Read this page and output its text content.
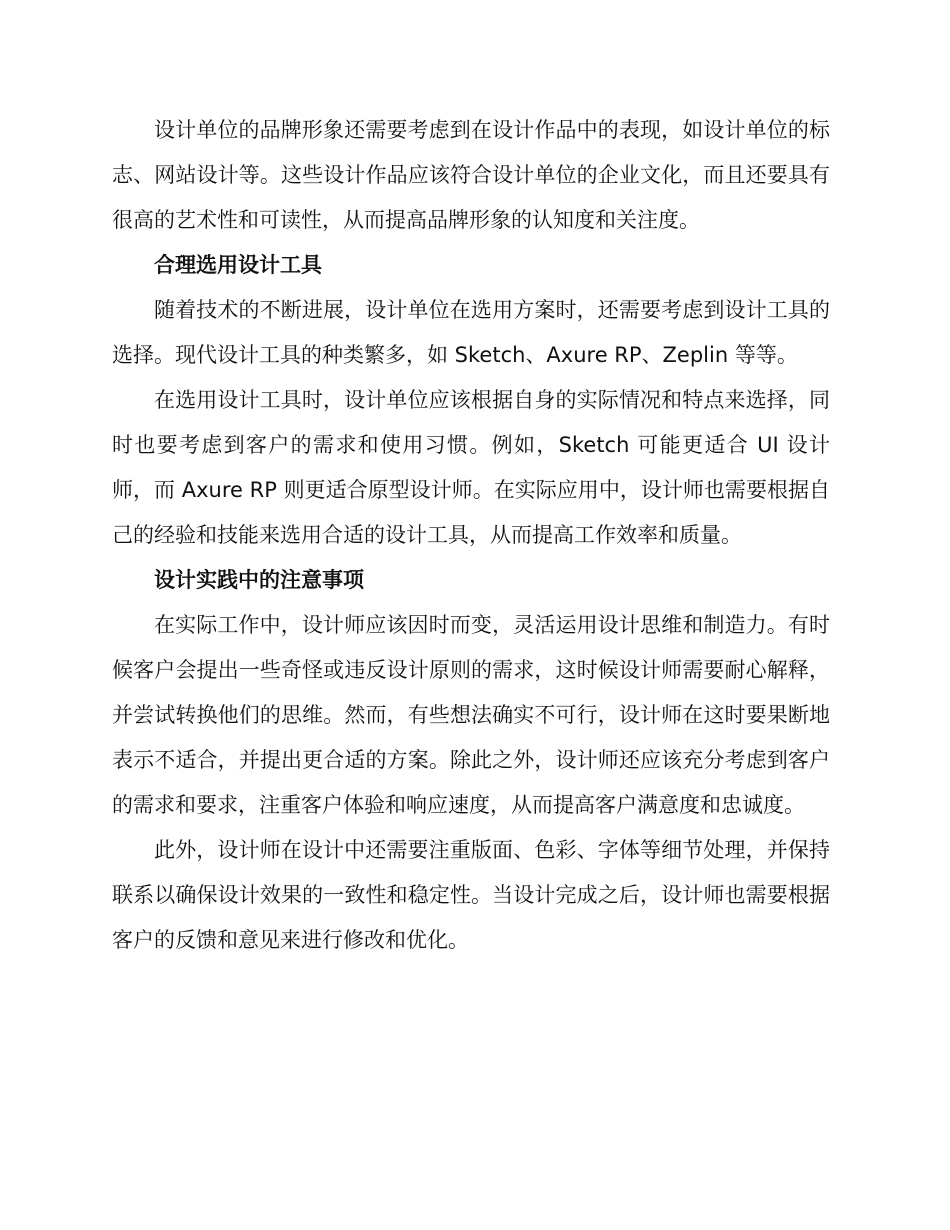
设计单位的品牌形象还需要考虑到在设计作品中的表现，如设计单位的标志、网站设计等。这些设计作品应该符合设计单位的企业文化，而且还要具有很高的艺术性和可读性，从而提高品牌形象的认知度和关注度。

合理选用设计工具

随着技术的不断进展，设计单位在选用方案时，还需要考虑到设计工具的选择。现代设计工具的种类繁多，如 Sketch、Axure RP、Zeplin 等等。

在选用设计工具时，设计单位应该根据自身的实际情况和特点来选择，同时也要考虑到客户的需求和使用习惯。例如，Sketch 可能更适合 UI 设计师，而 Axure RP 则更适合原型设计师。在实际应用中，设计师也需要根据自己的经验和技能来选用合适的设计工具，从而提高工作效率和质量。

设计实践中的注意事项

在实际工作中，设计师应该因时而变，灵活运用设计思维和制造力。有时候客户会提出一些奇怪或违反设计原则的需求，这时候设计师需要耐心解释，并尝试转换他们的思维。然而，有些想法确实不可行，设计师在这时要果断地表示不适合，并提出更合适的方案。除此之外，设计师还应该充分考虑到客户的需求和要求，注重客户体验和响应速度，从而提高客户满意度和忠诚度。

此外，设计师在设计中还需要注重版面、色彩、字体等细节处理，并保持联系以确保设计效果的一致性和稳定性。当设计完成之后，设计师也需要根据客户的反馈和意见来进行修改和优化。
